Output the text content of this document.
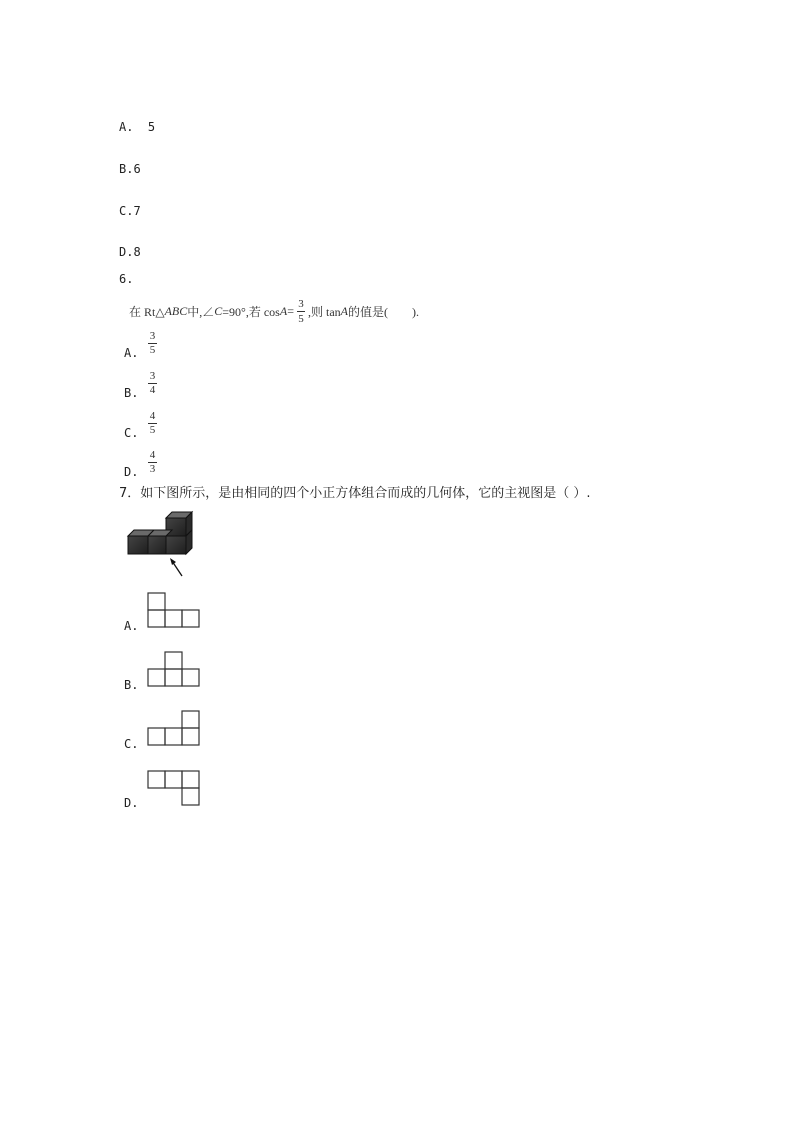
A. 5
B.6
C.7
D.8
6.
在 Rt△ ABC 中,∠ C =90°,若 cos A = 3
5 ,则 tan A 的值是(　　).
A.
3
5
B.
3
4
C.
4
5
D.
4
3
7．如下图所示，是由相同的四个小正方体组合而成的几何体，它的主视图是（ ）.
A.
B.
C.
D.
